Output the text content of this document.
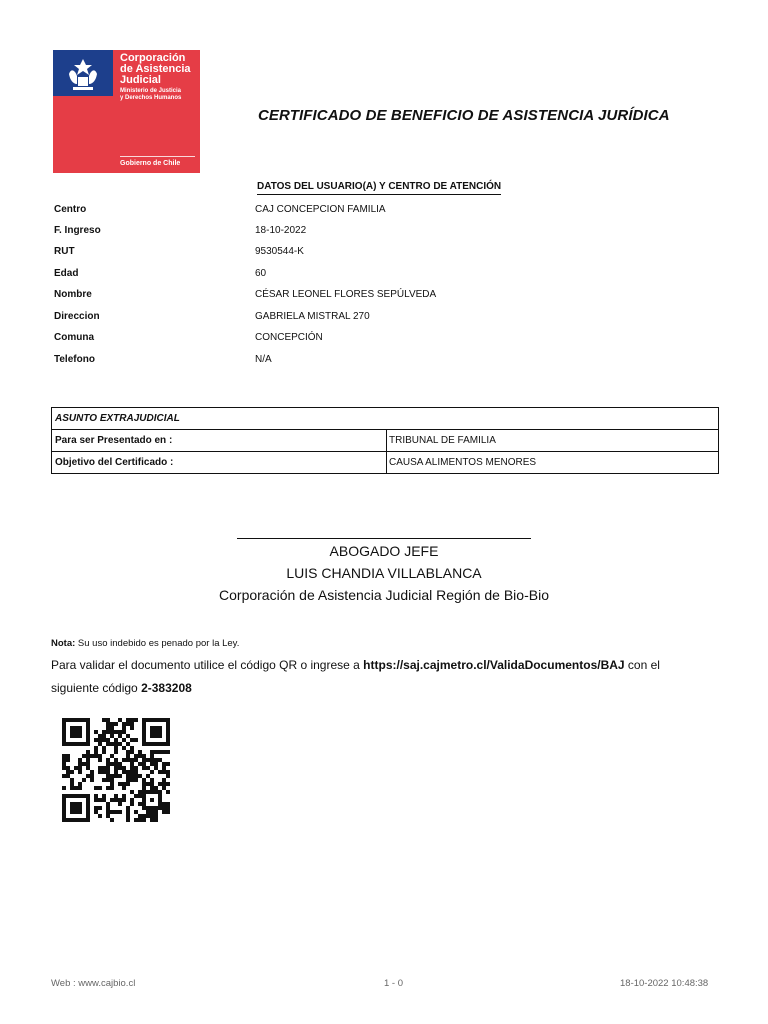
Corporación
de Asistencia
Judicial
Ministerio de Justicia
y Derechos Humanos
Gobierno de Chile
CERTIFICADO DE BENEFICIO DE ASISTENCIA JURÍDICA
DATOS DEL USUARIO(A) Y CENTRO DE ATENCIÓN
Centro	CAJ CONCEPCION FAMILIA
F. Ingreso	18-10-2022
RUT	9530544-K
Edad	60
Nombre	CÉSAR LEONEL FLORES SEPÚLVEDA
Direccion	GABRIELA MISTRAL 270
Comuna	CONCEPCIÓN
Telefono	N/A
ASUNTO EXTRAJUDICIAL
Para ser Presentado en :	TRIBUNAL DE FAMILIA
Objetivo del Certificado :	CAUSA ALIMENTOS MENORES
ABOGADO JEFE
LUIS CHANDIA VILLABLANCA
Corporación de Asistencia Judicial Región de Bio-Bio
Nota: Su uso indebido es penado por la Ley.
Para validar el documento utilice el código QR o ingrese a https://saj.cajmetro.cl/ValidaDocumentos/BAJ con el
siguiente código 2-383208
Web : www.cajbio.cl	1 - 0	18-10-2022 10:48:38
